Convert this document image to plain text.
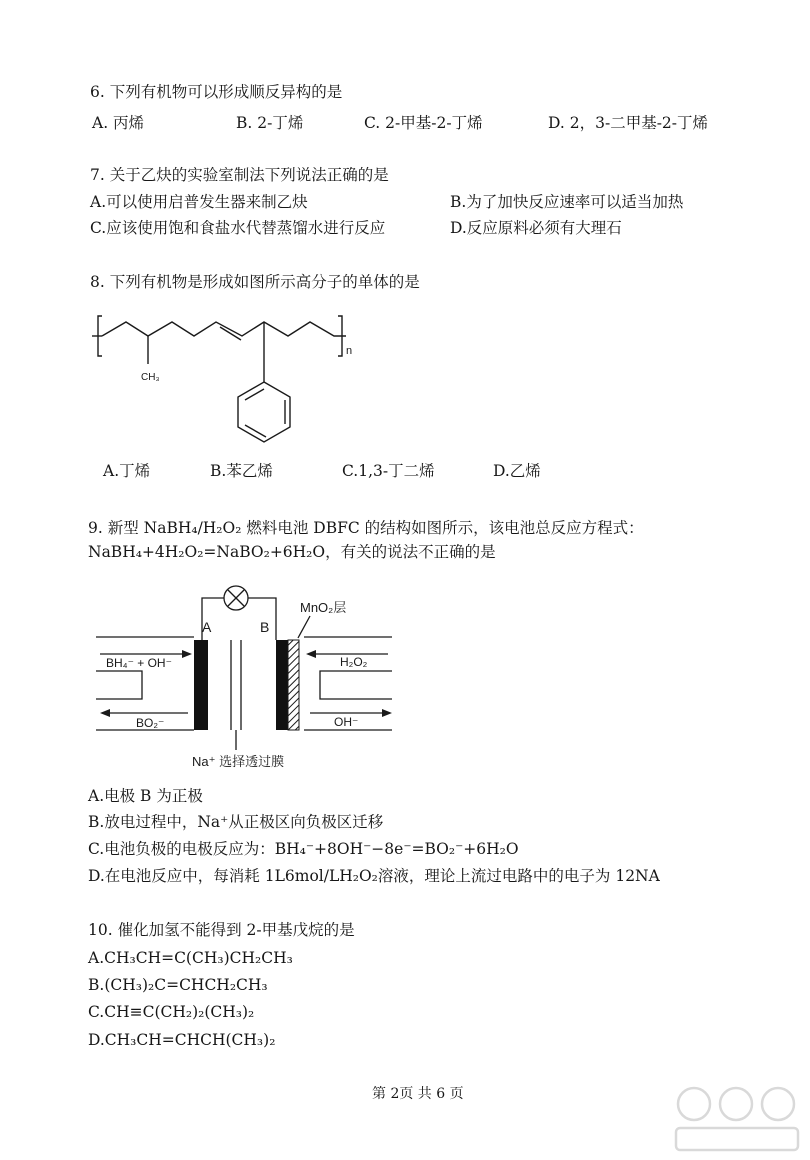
6. 下列有机物可以形成顺反异构的是
A. 丙烯	B. 2-丁烯	C. 2-甲基-2-丁烯	D. 2，3-二甲基-2-丁烯
7. 关于乙炔的实验室制法下列说法正确的是
A.可以使用启普发生器来制乙炔	B.为了加快反应速率可以适当加热
C.应该使用饱和食盐水代替蒸馏水进行反应	D.反应原料必须有大理石
8. 下列有机物是形成如图所示高分子的单体的是
CH₃
n
A.丁烯	B.苯乙烯	C.1,3-丁二烯	D.乙烯
9. 新型 NaBH₄/H₂O₂ 燃料电池 DBFC 的结构如图所示，该电池总反应方程式：
NaBH₄+4H₂O₂=NaBO₂+6H₂O，有关的说法不正确的是
A	B
MnO₂层
BH₄⁻ + OH⁻
BO₂⁻
H₂O₂
OH⁻
Na⁺ 选择透过膜
A.电极 B 为正极
B.放电过程中，Na⁺从正极区向负极区迁移
C.电池负极的电极反应为：BH₄⁻+8OH⁻−8e⁻=BO₂⁻+6H₂O
D.在电池反应中，每消耗 1L6mol/LH₂O₂溶液，理论上流过电路中的电子为 12NA
10. 催化加氢不能得到 2-甲基戊烷的是
A.CH₃CH=C(CH₃)CH₂CH₃
B.(CH₃)₂C=CHCH₂CH₃
C.CH≡C(CH₂)₂(CH₃)₂
D.CH₃CH=CHCH(CH₃)₂
第 2页 共 6 页
